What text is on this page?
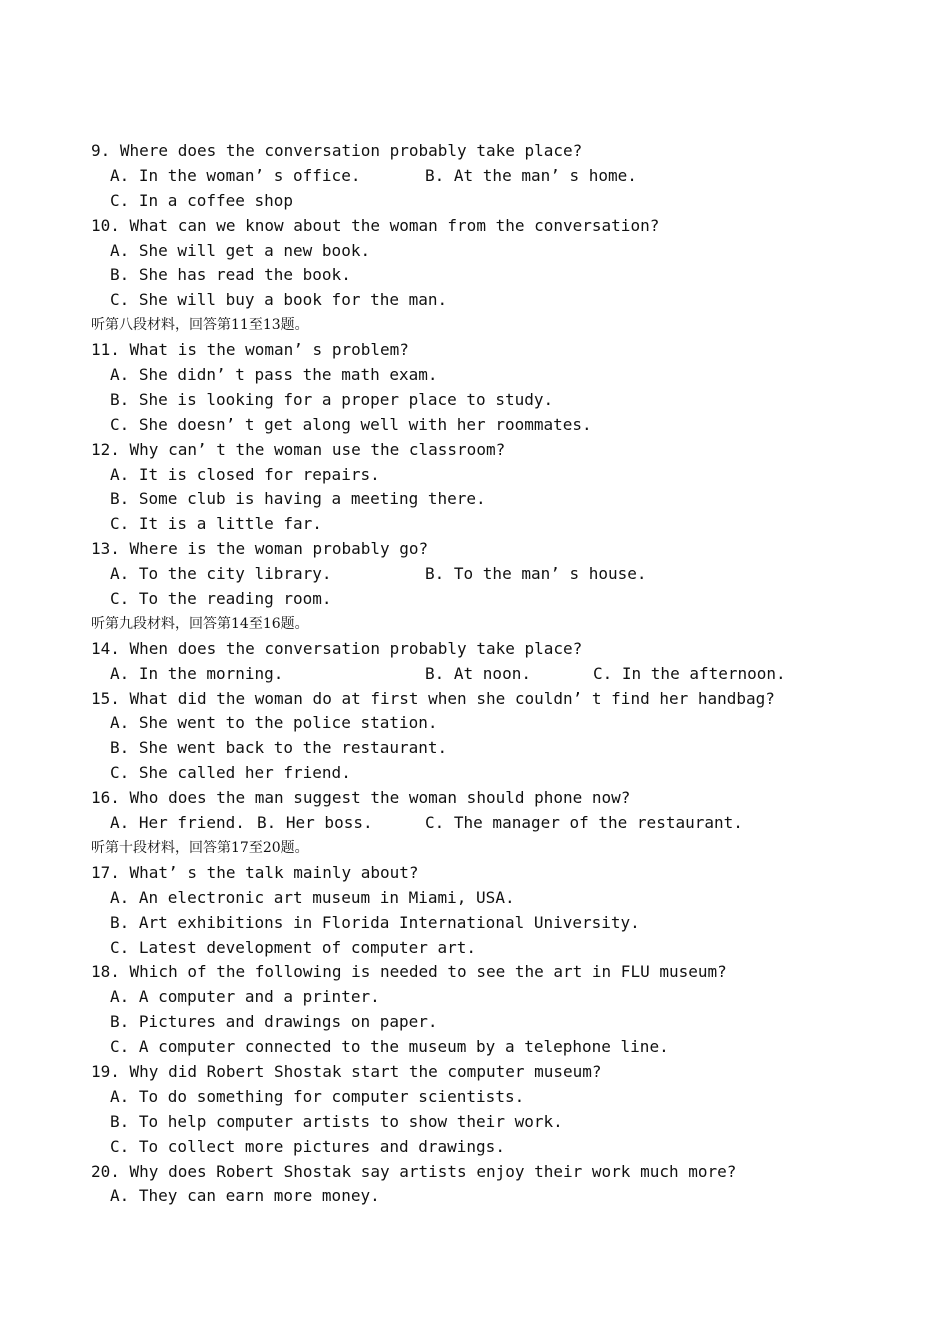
9. Where does the conversation probably take place?
A. In the woman’ s office.	B. At the man’ s home.
C. In a coffee shop
10. What can we know about the woman from the conversation?
A. She will get a new book.
B. She has read the book.
C. She will buy a book for the man.
听第八段材料，回答第11至13题。
11. What is the woman’ s problem?
A. She didn’ t pass the math exam.
B. She is looking for a proper place to study.
C. She doesn’ t get along well with her roommates.
12. Why can’ t the woman use the classroom?
A. It is closed for repairs.
B. Some club is having a meeting there.
C. It is a little far.
13. Where is the woman probably go?
A. To the city library.	B. To the man’ s house.
C. To the reading room.
听第九段材料，回答第14至16题。
14. When does the conversation probably take place?
A. In the morning.	B. At noon.	C. In the afternoon.
15. What did the woman do at first when she couldn’ t find her handbag?
A. She went to the police station.
B. She went back to the restaurant.
C. She called her friend.
16. Who does the man suggest the woman should phone now?
A. Her friend. B. Her boss.	C. The manager of the restaurant.
听第十段材料，回答第17至20题。
17. What’ s the talk mainly about?
A. An electronic art museum in Miami, USA.
B. Art exhibitions in Florida International University.
C. Latest development of computer art.
18. Which of the following is needed to see the art in FLU museum?
A. A computer and a printer.
B. Pictures and drawings on paper.
C. A computer connected to the museum by a telephone line.
19. Why did Robert Shostak start the computer museum?
A. To do something for computer scientists.
B. To help computer artists to show their work.
C. To collect more pictures and drawings.
20. Why does Robert Shostak say artists enjoy their work much more?
A. They can earn more money.
